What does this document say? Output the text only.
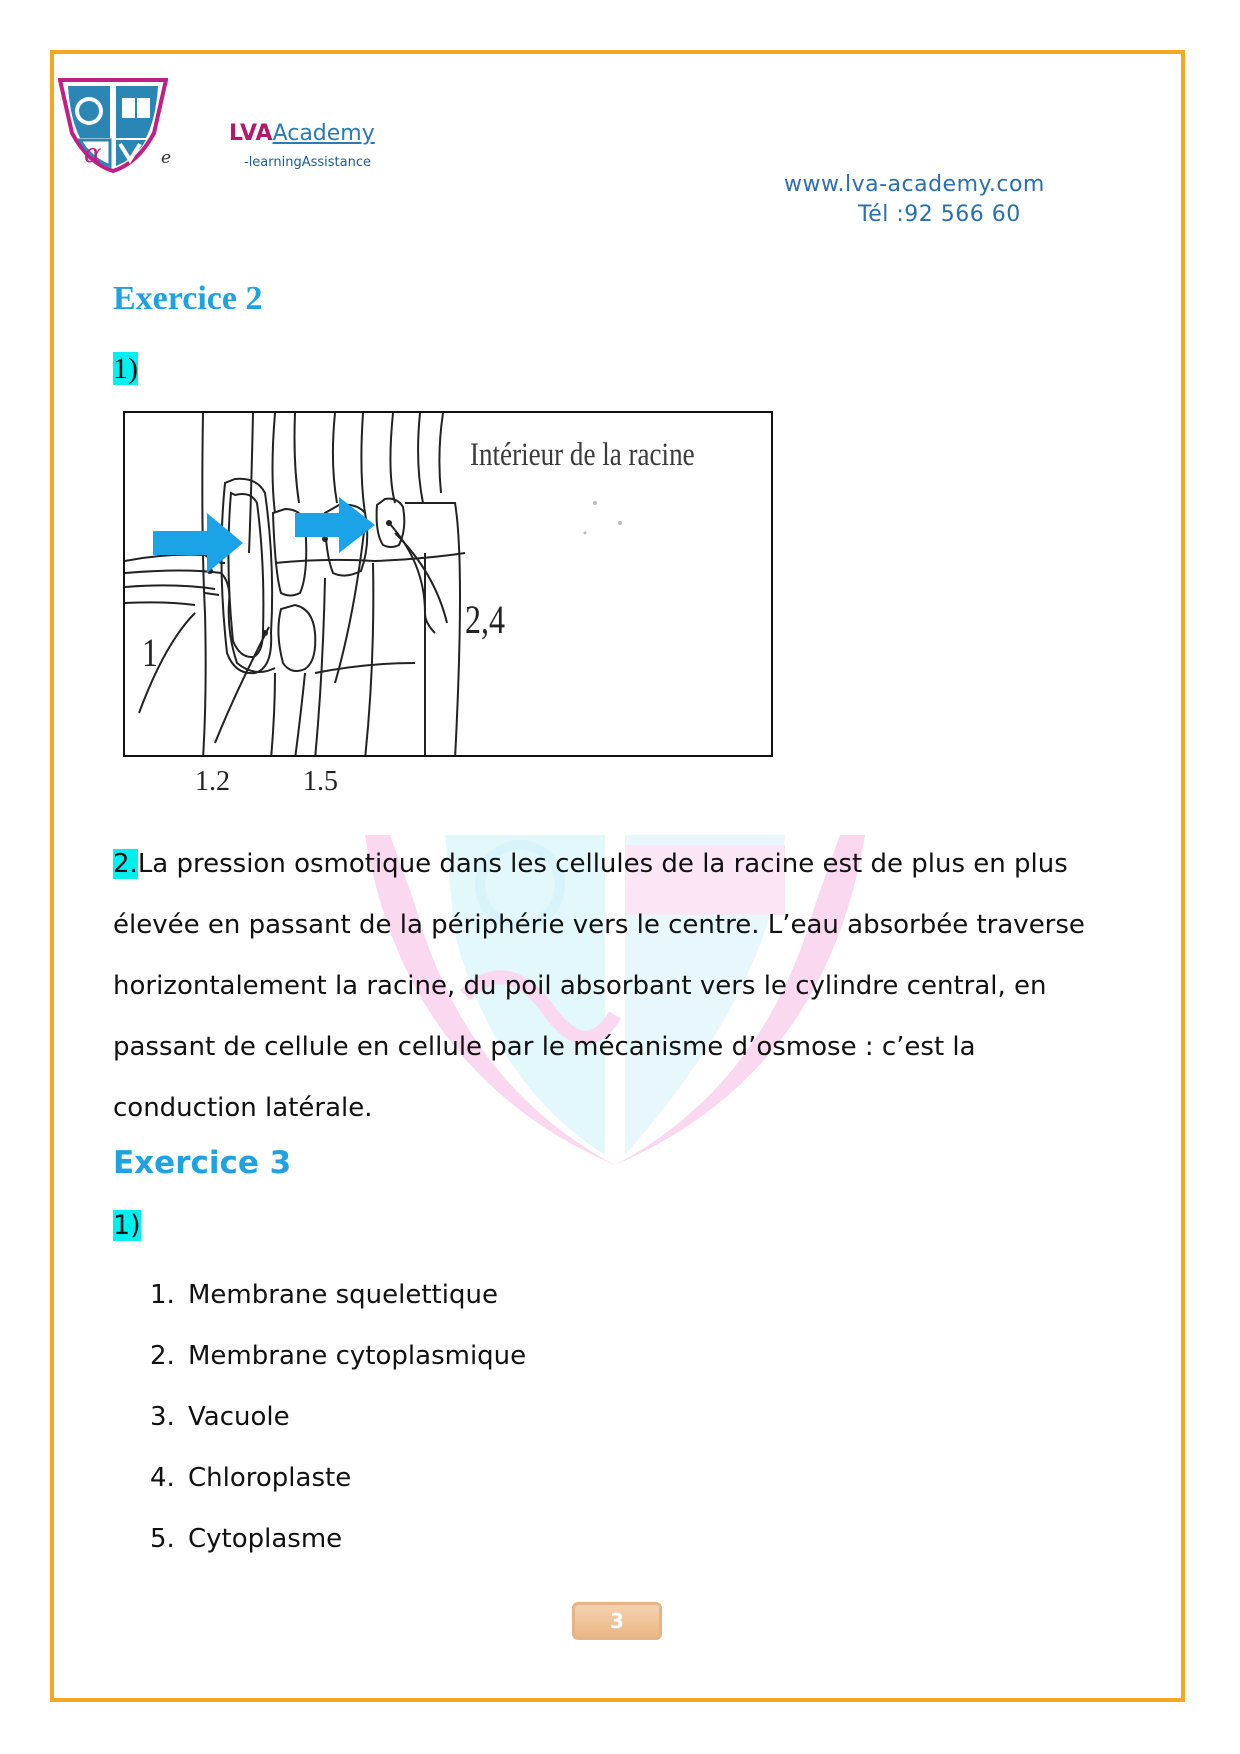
α	e
LVAAcademy
-learningAssistance
www.lva-academy.com
Tél :92 566 60
Exercice 2
1)
Intérieur de la racine
1
2,4
1.2	1.5
2.La pression osmotique dans les cellules de la racine est de plus en plus
élevée en passant de la périphérie vers le centre. L’eau absorbée traverse
horizontalement la racine, du poil absorbant vers le cylindre central, en
passant de cellule en cellule par le mécanisme d’osmose : c’est la
conduction latérale.
Exercice 3
1)
1. Membrane squelettique
2. Membrane cytoplasmique
3. Vacuole
4. Chloroplaste
5. Cytoplasme
3
